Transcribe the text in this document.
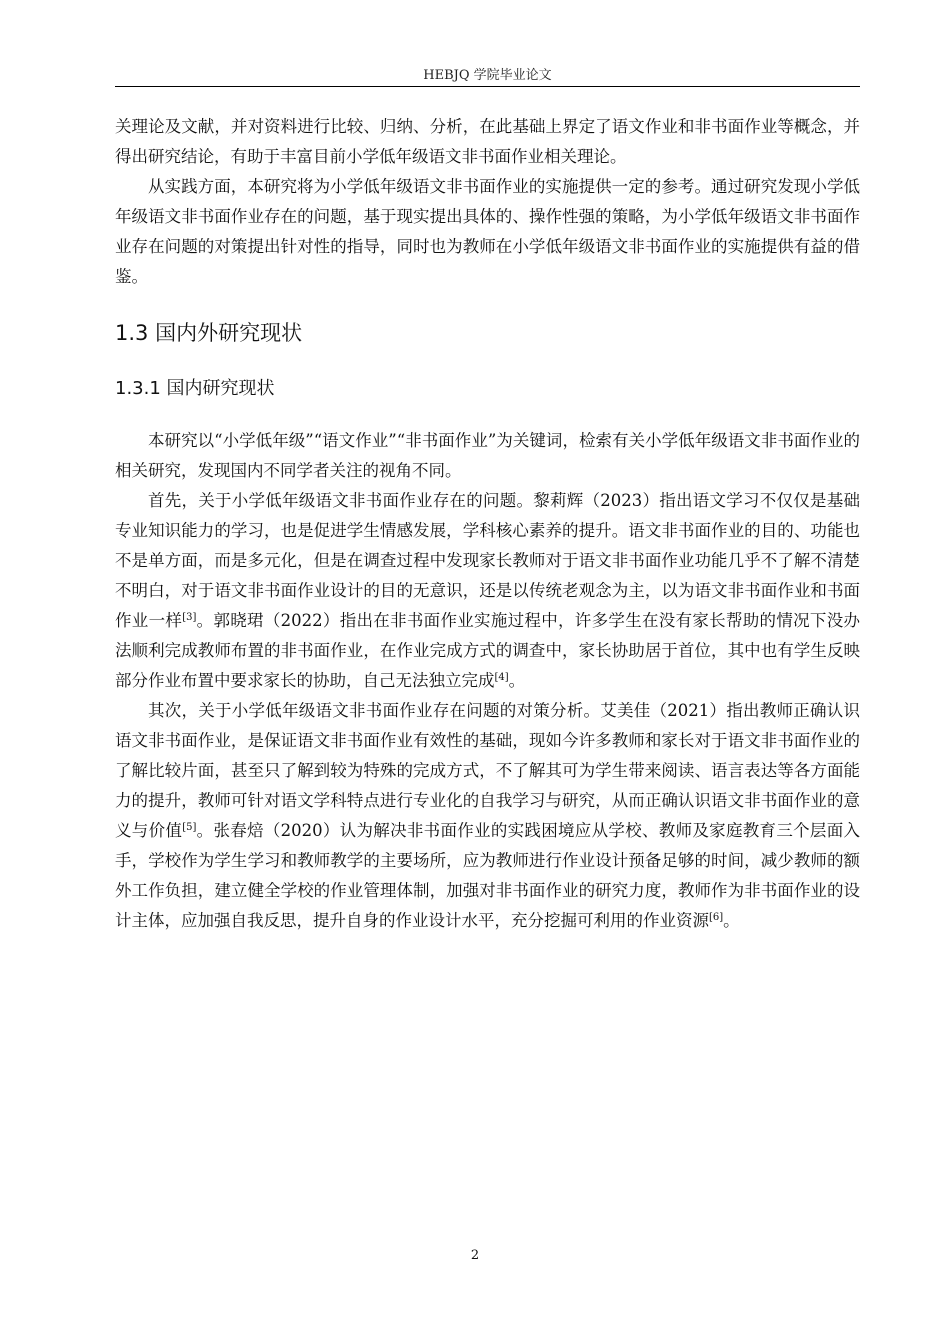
HEBJQ 学院毕业论文

关理论及文献，并对资料进行比较、归纳、分析，在此基础上界定了语文作业和非书面作业等概念，并得出研究结论，有助于丰富目前小学低年级语文非书面作业相关理论。

从实践方面，本研究将为小学低年级语文非书面作业的实施提供一定的参考。通过研究发现小学低年级语文非书面作业存在的问题，基于现实提出具体的、操作性强的策略，为小学低年级语文非书面作业存在问题的对策提出针对性的指导，同时也为教师在小学低年级语文非书面作业的实施提供有益的借鉴。

1.3 国内外研究现状
1.3.1 国内研究现状

本研究以“小学低年级”“语文作业”“非书面作业”为关键词，检索有关小学低年级语文非书面作业的相关研究，发现国内不同学者关注的视角不同。

首先，关于小学低年级语文非书面作业存在的问题。黎莉辉（2023）指出语文学习不仅仅是基础专业知识能力的学习，也是促进学生情感发展，学科核心素养的提升。语文非书面作业的目的、功能也不是单方面，而是多元化，但是在调查过程中发现家长教师对于语文非书面作业功能几乎不了解不清楚不明白，对于语文非书面作业设计的目的无意识，还是以传统老观念为主，以为语文非书面作业和书面作业一样[3]。郭晓珺（2022）指出在非书面作业实施过程中，许多学生在没有家长帮助的情况下没办法顺利完成教师布置的非书面作业，在作业完成方式的调查中，家长协助居于首位，其中也有学生反映部分作业布置中要求家长的协助，自己无法独立完成[4]。

其次，关于小学低年级语文非书面作业存在问题的对策分析。艾美佳（2021）指出教师正确认识语文非书面作业，是保证语文非书面作业有效性的基础，现如今许多教师和家长对于语文非书面作业的了解比较片面，甚至只了解到较为特殊的完成方式，不了解其可为学生带来阅读、语言表达等各方面能力的提升，教师可针对语文学科特点进行专业化的自我学习与研究，从而正确认识语文非书面作业的意义与价值[5]。张春焙（2020）认为解决非书面作业的实践困境应从学校、教师及家庭教育三个层面入手，学校作为学生学习和教师教学的主要场所，应为教师进行作业设计预备足够的时间，减少教师的额外工作负担，建立健全学校的作业管理体制，加强对非书面作业的研究力度，教师作为非书面作业的设计主体，应加强自我反思，提升自身的作业设计水平，充分挖掘可利用的作业资源[6]。

2
